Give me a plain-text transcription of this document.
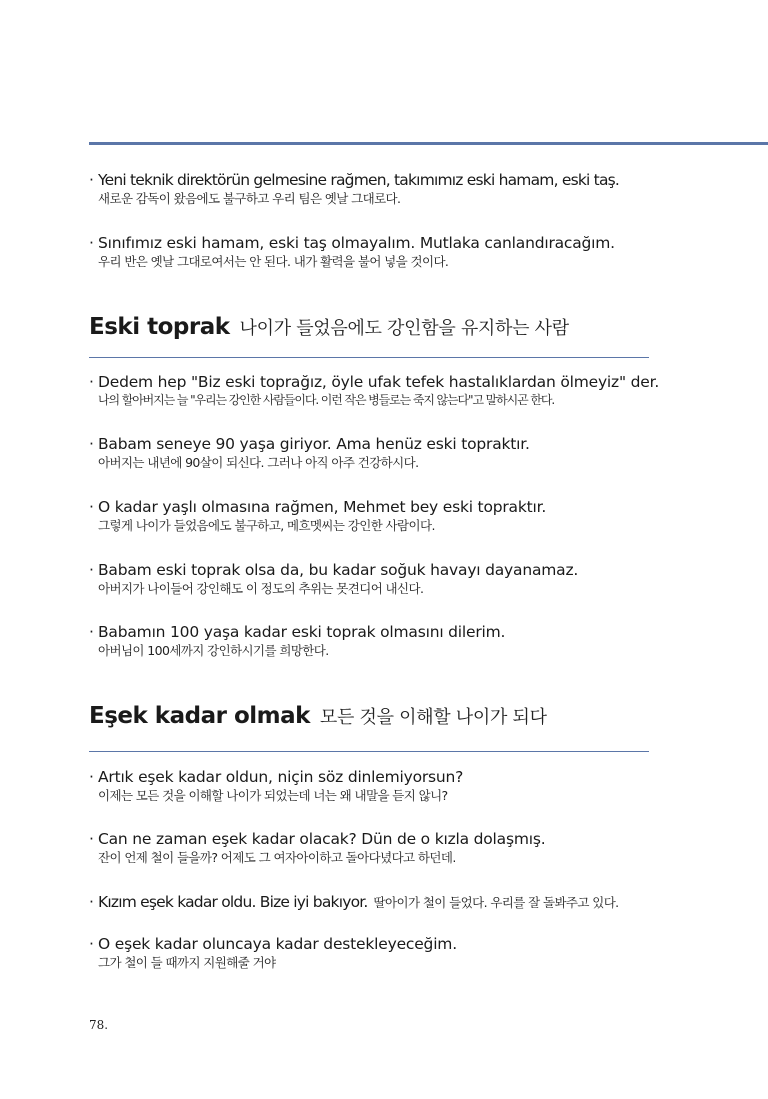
· Yeni teknik direktörün gelmesine rağmen, takımımız eski hamam, eski taş.
새로운 감독이 왔음에도 불구하고 우리 팀은 옛날 그대로다.
· Sınıfımız eski hamam, eski taş olmayalım. Mutlaka canlandıracağım.
우리 반은 옛날 그대로여서는 안 된다. 내가 활력을 불어 넣을 것이다.
Eski toprak 나이가 들었음에도 강인함을 유지하는 사람
· Dedem hep "Biz eski toprağız, öyle ufak tefek hastalıklardan ölmeyiz" der.
나의 할아버지는 늘 "우리는 강인한 사람들이다. 이런 작은 병들로는 죽지 않는다"고 말하시곤 한다.
· Babam seneye 90 yaşa giriyor. Ama henüz eski topraktır.
아버지는 내년에 90살이 되신다. 그러나 아직 아주 건강하시다.
· O kadar yaşlı olmasına rağmen, Mehmet bey eski topraktır.
그렇게 나이가 들었음에도 불구하고, 메흐멧씨는 강인한 사람이다.
· Babam eski toprak olsa da, bu kadar soğuk havayı dayanamaz.
아버지가 나이들어 강인해도 이 정도의 추위는 못견디어 내신다.
· Babamın 100 yaşa kadar eski toprak olmasını dilerim.
아버님이 100세까지 강인하시기를 희망한다.
Eşek kadar olmak 모든 것을 이해할 나이가 되다
· Artık eşek kadar oldun, niçin söz dinlemiyorsun?
이제는 모든 것을 이해할 나이가 되었는데 너는 왜 내말을 듣지 않니?
· Can ne zaman eşek kadar olacak? Dün de o kızla dolaşmış.
잔이 언제 철이 들을까? 어제도 그 여자아이하고 돌아다녔다고 하던데.
· Kızım eşek kadar oldu. Bize iyi bakıyor. 딸아이가 철이 들었다. 우리를 잘 돌봐주고 있다.
· O eşek kadar oluncaya kadar destekleyeceğim.
그가 철이 들 때까지 지원해줄 거야
78.
